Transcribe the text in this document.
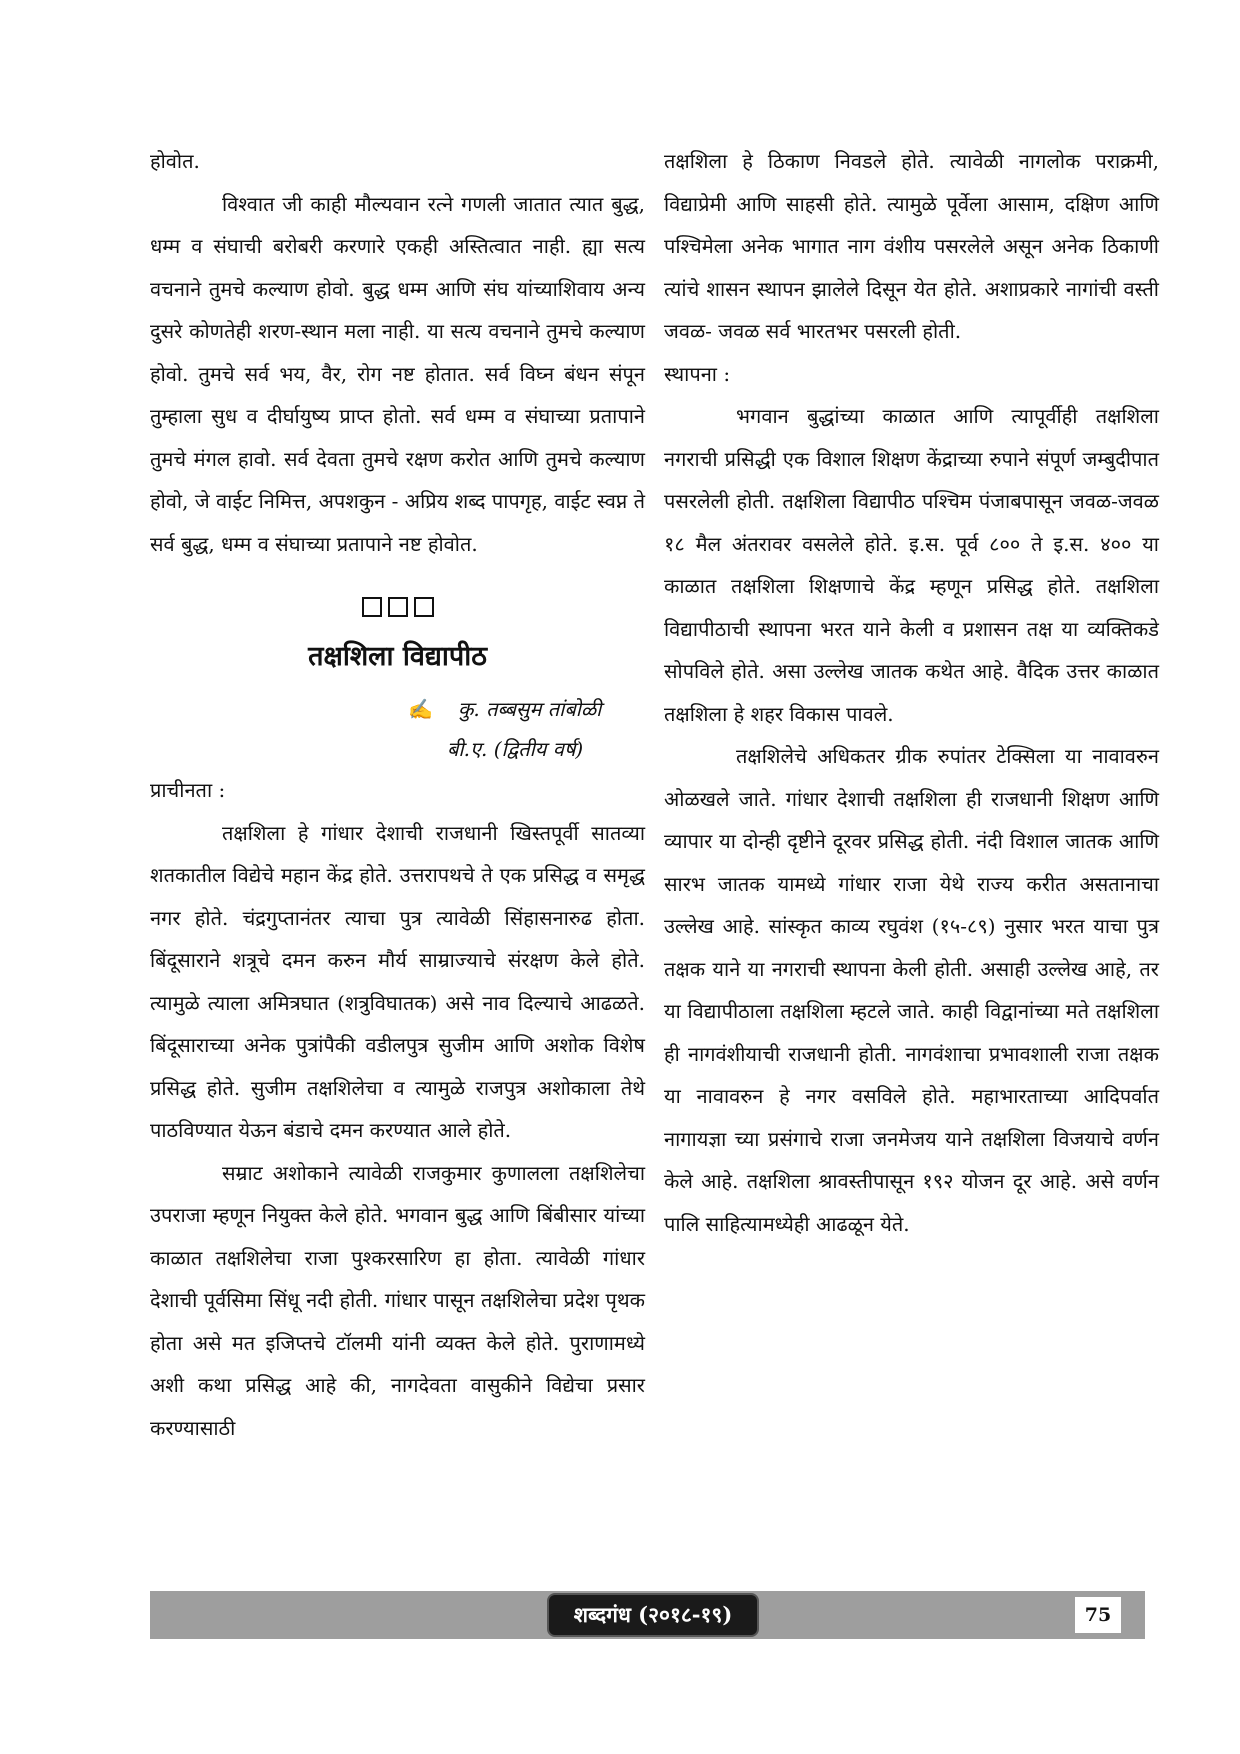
होवोत.

विश्वात जी काही मौल्यवान रत्ने गणली जातात त्यात बुद्ध, धम्म व संघाची बरोबरी करणारे एकही अस्तित्वात नाही. ह्या सत्य वचनाने तुमचे कल्याण होवो. बुद्ध धम्म आणि संघ यांच्याशिवाय अन्य दुसरे कोणतेही शरण-स्थान मला नाही. या सत्य वचनाने तुमचे कल्याण होवो. तुमचे सर्व भय, वैर, रोग नष्ट होतात. सर्व विघ्न बंधन संपून तुम्हाला सुध व दीर्घायुष्य प्राप्त होतो. सर्व धम्म व संघाच्या प्रतापाने तुमचे मंगल हावो. सर्व देवता तुमचे रक्षण करोत आणि तुमचे कल्याण होवो, जे वाईट निमित्त, अपशकुन - अप्रिय शब्द पापगृह, वाईट स्वप्न ते सर्व बुद्ध, धम्म व संघाच्या प्रतापाने नष्ट होवोत.

तक्षशिला विद्यापीठ
✍ कु. तब्बसुम तांबोळी
बी.ए. (द्वितीय वर्ष)

प्राचीनता :

तक्षशिला हे गांधार देशाची राजधानी खिस्तपूर्वी सातव्या शतकातील विद्येचे महान केंद्र होते. उत्तरापथचे ते एक प्रसिद्ध व समृद्ध नगर होते. चंद्रगुप्तानंतर त्याचा पुत्र त्यावेळी सिंहासनारुढ होता. बिंदूसाराने शत्रूचे दमन करुन मौर्य साम्राज्याचे संरक्षण केले होते. त्यामुळे त्याला अमित्रघात (शत्रुविघातक) असे नाव दिल्याचे आढळते. बिंदूसाराच्या अनेक पुत्रांपैकी वडीलपुत्र सुजीम आणि अशोक विशेष प्रसिद्ध होते. सुजीम तक्षशिलेचा व त्यामुळे राजपुत्र अशोकाला तेथे पाठविण्यात येऊन बंडाचे दमन करण्यात आले होते.

सम्राट अशोकाने त्यावेळी राजकुमार कुणालला तक्षशिलेचा उपराजा म्हणून नियुक्त केले होते. भगवान बुद्ध आणि बिंबीसार यांच्या काळात तक्षशिलेचा राजा पुश्करसारिण हा होता. त्यावेळी गांधार देशाची पूर्वसिमा सिंधू नदी होती. गांधार पासून तक्षशिलेचा प्रदेश पृथक होता असे मत इजिप्तचे टॉलमी यांनी व्यक्त केले होते. पुराणामध्ये अशी कथा प्रसिद्ध आहे की, नागदेवता वासुकीने विद्येचा प्रसार करण्यासाठी

तक्षशिला हे ठिकाण निवडले होते. त्यावेळी नागलोक पराक्रमी, विद्याप्रेमी आणि साहसी होते. त्यामुळे पूर्वेला आसाम, दक्षिण आणि पश्चिमेला अनेक भागात नाग वंशीय पसरलेले असून अनेक ठिकाणी त्यांचे शासन स्थापन झालेले दिसून येत होते. अशाप्रकारे नागांची वस्ती जवळ- जवळ सर्व भारतभर पसरली होती.

स्थापना :

भगवान बुद्धांच्या काळात आणि त्यापूर्वीही तक्षशिला नगराची प्रसिद्धी एक विशाल शिक्षण केंद्राच्या रुपाने संपूर्ण जम्बुदीपात पसरलेली होती. तक्षशिला विद्यापीठ पश्चिम पंजाबपासून जवळ-जवळ १८ मैल अंतरावर वसलेले होते. इ.स. पूर्व ८०० ते इ.स. ४०० या काळात तक्षशिला शिक्षणाचे केंद्र म्हणून प्रसिद्ध होते. तक्षशिला विद्यापीठाची स्थापना भरत याने केली व प्रशासन तक्ष या व्यक्तिकडे सोपविले होते. असा उल्लेख जातक कथेत आहे. वैदिक उत्तर काळात तक्षशिला हे शहर विकास पावले.

तक्षशिलेचे अधिकतर ग्रीक रुपांतर टेक्सिला या नावावरुन ओळखले जाते. गांधार देशाची तक्षशिला ही राजधानी शिक्षण आणि व्यापार या दोन्ही दृष्टीने दूरवर प्रसिद्ध होती. नंदी विशाल जातक आणि सारभ जातक यामध्ये गांधार राजा येथे राज्य करीत असतानाचा उल्लेख आहे. सांस्कृत काव्य रघुवंश (१५-८९) नुसार भरत याचा पुत्र तक्षक याने या नगराची स्थापना केली होती. असाही उल्लेख आहे, तर या विद्यापीठाला तक्षशिला म्हटले जाते. काही विद्वानांच्या मते तक्षशिला ही नागवंशीयाची राजधानी होती. नागवंशाचा प्रभावशाली राजा तक्षक या नावावरुन हे नगर वसविले होते. महाभारताच्या आदिपर्वात नागायज्ञा च्या प्रसंगाचे राजा जनमेजय याने तक्षशिला विजयाचे वर्णन केले आहे. तक्षशिला श्रावस्तीपासून १९२ योजन दूर आहे. असे वर्णन पालि साहित्यामध्येही आढळून येते.

शब्दगंध (२०१८-१९)	75
